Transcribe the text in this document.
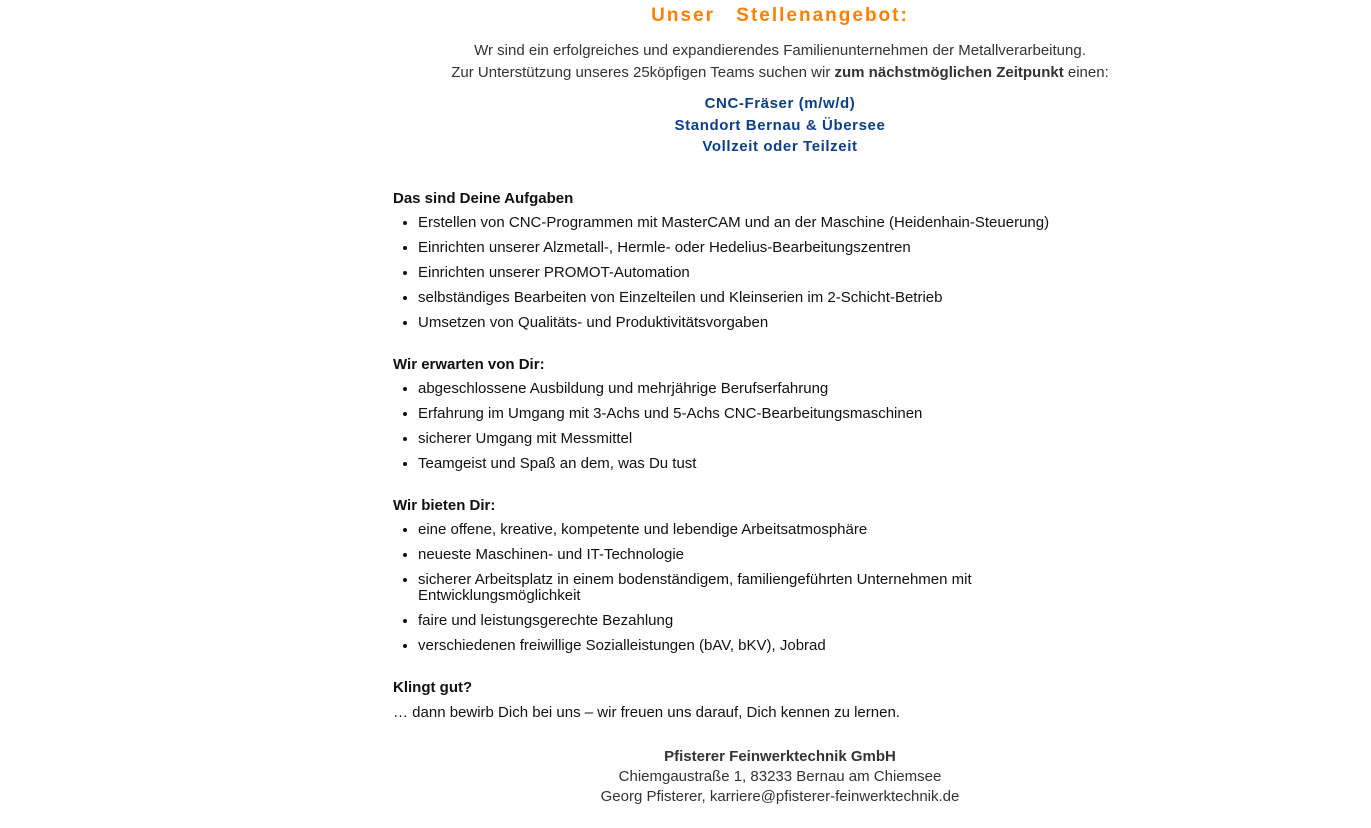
Unser Stellenangebot:
Wr sind ein erfolgreiches und expandierendes Familienunternehmen der Metallverarbeitung.
Zur Unterstützung unseres 25köpfigen Teams suchen wir zum nächstmöglichen Zeitpunkt einen:
CNC-Fräser (m/w/d)
Standort Bernau & Übersee
Vollzeit oder Teilzeit
Das sind Deine Aufgaben
• Erstellen von CNC-Programmen mit MasterCAM und an der Maschine (Heidenhain-Steuerung)
• Einrichten unserer Alzmetall-, Hermle- oder Hedelius-Bearbeitungszentren
• Einrichten unserer PROMOT-Automation
• selbständiges Bearbeiten von Einzelteilen und Kleinserien im 2-Schicht-Betrieb
• Umsetzen von Qualitäts- und Produktivitätsvorgaben
Wir erwarten von Dir:
• abgeschlossene Ausbildung und mehrjährige Berufserfahrung
• Erfahrung im Umgang mit 3-Achs und 5-Achs CNC-Bearbeitungsmaschinen
• sicherer Umgang mit Messmittel
• Teamgeist und Spaß an dem, was Du tust
Wir bieten Dir:
• eine offene, kreative, kompetente und lebendige Arbeitsatmosphäre
• neueste Maschinen- und IT-Technologie
• sicherer Arbeitsplatz in einem bodenständigem, familiengeführten Unternehmen mit Entwicklungsmöglichkeit
• faire und leistungsgerechte Bezahlung
• verschiedenen freiwillige Sozialleistungen (bAV, bKV), Jobrad
Klingt gut?
… dann bewirb Dich bei uns – wir freuen uns darauf, Dich kennen zu lernen.
Pfisterer Feinwerktechnik GmbH
Chiemgaustraße 1, 83233 Bernau am Chiemsee
Georg Pfisterer, karriere@pfisterer-feinwerktechnik.de
